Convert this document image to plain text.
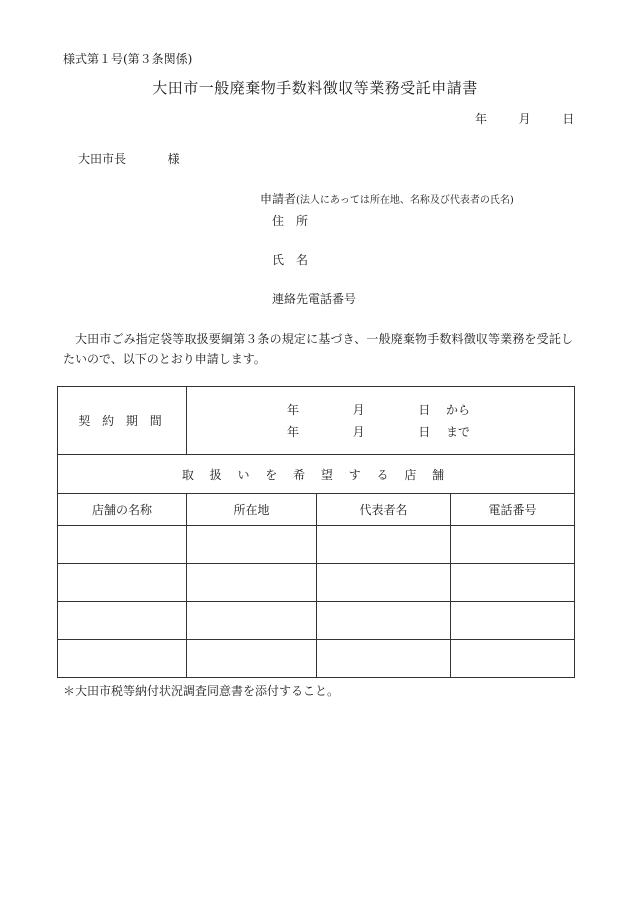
様式第１号(第３条関係)
大田市一般廃棄物手数料徴収等業務受託申請書
年	月	日
大田市長	様
申請者(法人にあっては所在地、名称及び代表者の氏名)
住　所
氏　名
連絡先電話番号
大田市ごみ指定袋等取扱要綱第３条の規定に基づき、一般廃棄物手数料徴収等業務を受託したいので、以下のとおり申請します。
契 約 期 間	年 月 日 から
年 月 日 まで		

取 扱 い を 希 望 す る 店 舗			
店舗の名称	所在地	代表者名	電話番号

＊大田市税等納付状況調査同意書を添付すること。
